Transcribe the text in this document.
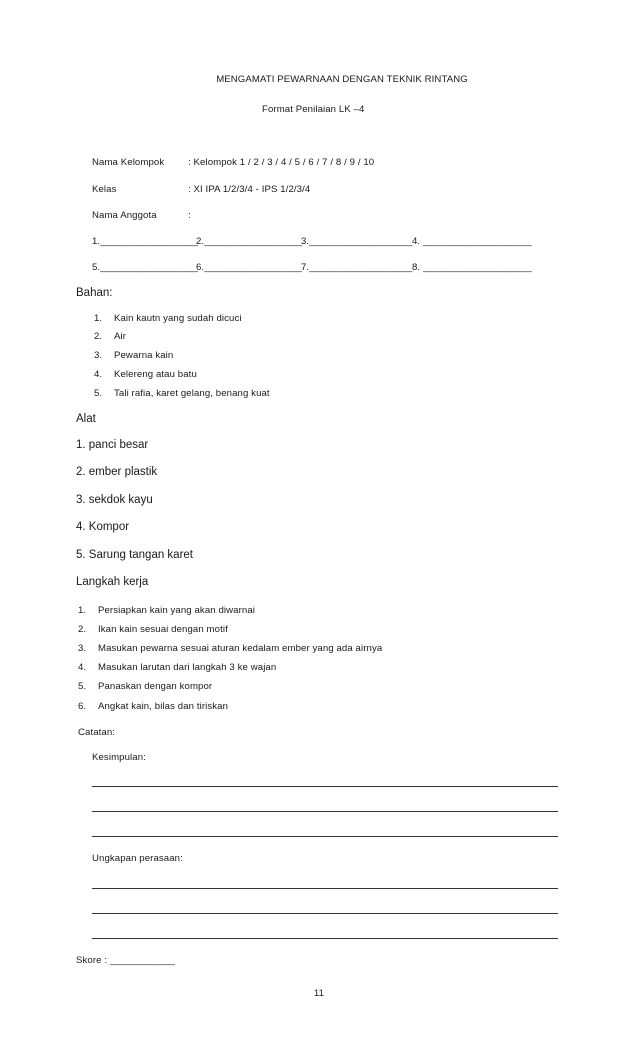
MENGAMATI PEWARNAAN DENGAN TEKNIK RINTANG
Format Penilaian LK –4
Nama Kelompok : Kelompok 1 / 2 / 3 / 4 / 5 / 6 / 7 / 8 / 9 / 10
Kelas	: XI IPA 1/2/3/4 - IPS 1/2/3/4
Nama Anggota	:
1.__________________
2.__________________
3.___________________ 4. ____________________
5.__________________
6.__________________
7.___________________ 8. ____________________
Bahan:
1. Kain kautn yang sudah dicuci
2. Air
3. Pewarna kain
4. Kelereng atau batu
5. Tali rafia, karet gelang, benang kuat
Alat
1. panci besar
2. ember plastik
3. sekdok kayu
4. Kompor
5. Sarung tangan karet
Langkah kerja
1. Persiapkan kain yang akan diwarnai
2. Ikan kain sesuai dengan motif
3. Masukan pewarna sesuai aturan kedalam ember yang ada airnya
4. Masukan larutan dari langkah 3 ke wajan
5. Panaskan dengan kompor
6. Angkat kain, bilas dan tiriskan
Catatan:
Kesimpulan:
Ungkapan perasaan:
Skore : ____________
11
